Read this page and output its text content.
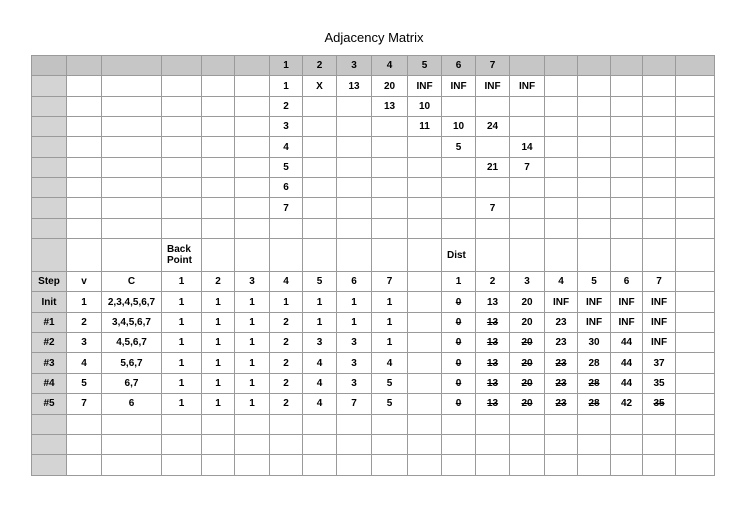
Adjacency Matrix
						1	2	3	4	5	6	7						
						1	X	13	20	INF	INF	INF	INF					
						2			13	10								
						3				11	10	24						
						4					5		14					
						5						21	7					
						6												
						7						7						

			Back Point								Dist							
Step	v	C	1	2	3	4	5	6	7		1	2	3	4	5	6	7	
Init	1	2,3,4,5,6,7	1	1	1	1	1	1	1		0	13	20	INF	INF	INF	INF	
#1	2	3,4,5,6,7	1	1	1	2	1	1	1		0	13	20	23	INF	INF	INF	
#2	3	4,5,6,7	1	1	1	2	3	3	1		0	13	20	23	30	44	INF	
#3	4	5,6,7	1	1	1	2	4	3	4		0	13	20	23	28	44	37	
#4	5	6,7	1	1	1	2	4	3	5		0	13	20	23	28	44	35	
#5	7	6	1	1	1	2	4	7	5		0	13	20	23	28	42	35	
